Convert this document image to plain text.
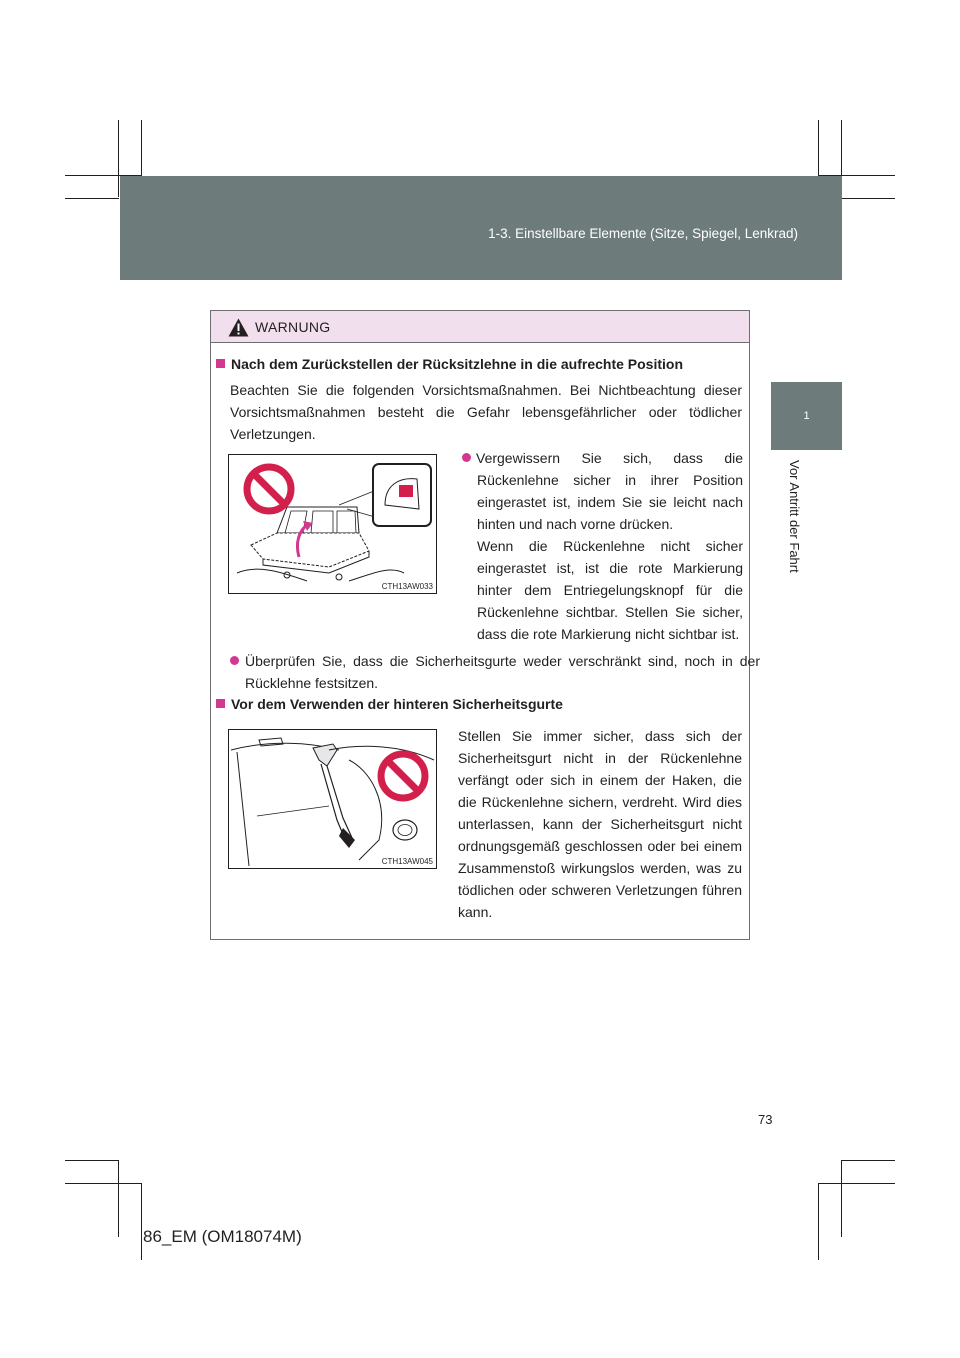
1-3. Einstellbare Elemente (Sitze, Spiegel, Lenkrad)
1
Vor Antritt der Fahrt
WARNUNG
Nach dem Zurückstellen der Rücksitzlehne in die aufrechte Position
Beachten Sie die folgenden Vorsichtsmaßnahmen. Bei Nichtbeachtung dieser Vorsichtsmaßnahmen besteht die Gefahr lebensgefährlicher oder tödlicher Verletzungen.
CTH13AW033
Vergewissern Sie sich, dass die Rückenlehne sicher in ihrer Position eingerastet ist, indem Sie sie leicht nach hinten und nach vorne drücken.
Wenn die Rückenlehne nicht sicher eingerastet ist, ist die rote Markierung hinter dem Entriegelungsknopf für die Rückenlehne sichtbar. Stellen Sie sicher, dass die rote Markierung nicht sichtbar ist.
Überprüfen Sie, dass die Sicherheitsgurte weder verschränkt sind, noch in der Rücklehne festsitzen.
Vor dem Verwenden der hinteren Sicherheitsgurte
CTH13AW045
Stellen Sie immer sicher, dass sich der Sicherheitsgurt nicht in der Rückenlehne verfängt oder sich in einem der Haken, die die Rückenlehne sichern, verdreht. Wird dies unterlassen, kann der Sicherheitsgurt nicht ordnungsgemäß geschlossen oder bei einem Zusammenstoß wirkungslos werden, was zu tödlichen oder schweren Verletzungen führen kann.
73
86_EM (OM18074M)
